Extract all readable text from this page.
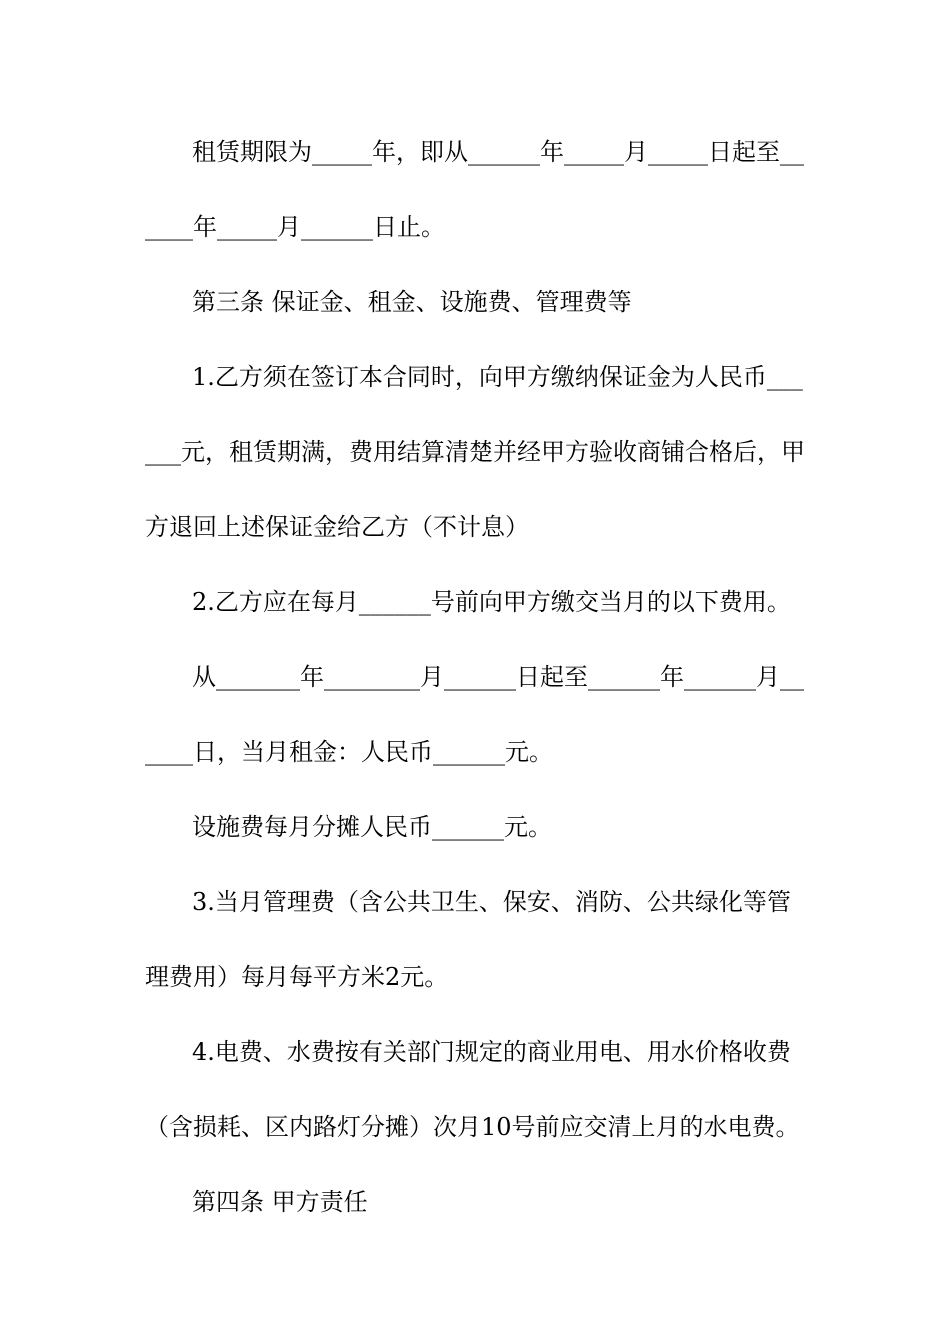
租赁期限为_____年，即从______年_____月_____日起至__
____年_____月______日止。
第三条 保证金、租金、设施费、管理费等
1.乙方须在签订本合同时，向甲方缴纳保证金为人民币___
___元，租赁期满，费用结算清楚并经甲方验收商铺合格后，甲
方退回上述保证金给乙方（不计息）
2.乙方应在每月______号前向甲方缴交当月的以下费用。
从_______年________月______日起至______年______月__
____日，当月租金：人民币______元。
设施费每月分摊人民币______元。
3.当月管理费（含公共卫生、保安、消防、公共绿化等管
理费用）每月每平方米2元。
4.电费、水费按有关部门规定的商业用电、用水价格收费
（含损耗、区内路灯分摊）次月10号前应交清上月的水电费。
第四条 甲方责任
